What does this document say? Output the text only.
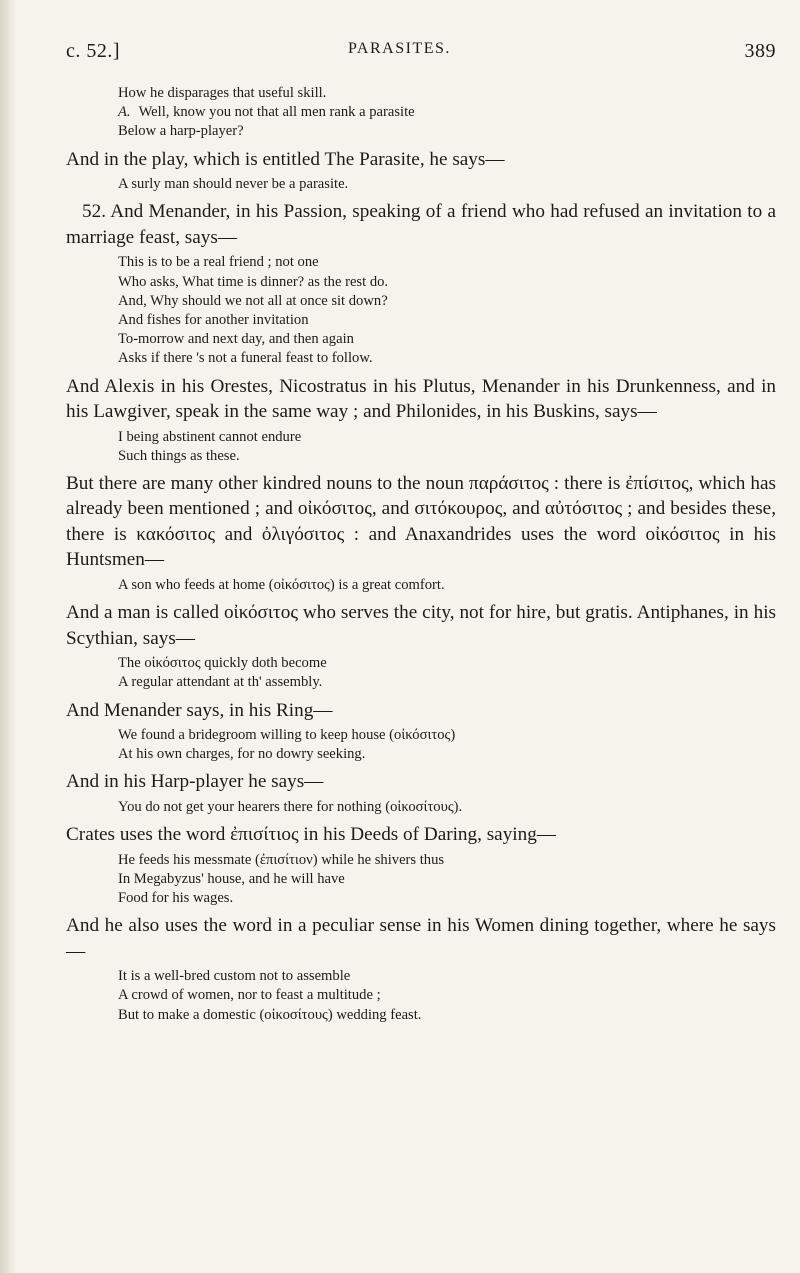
c. 52.]	PARASITES.	389
How he disparages that useful skill.
A. Well, know you not that all men rank a parasite
Below a harp-player?

And in the play, which is entitled The Parasite, he says—

A surly man should never be a parasite.

52. And Menander, in his Passion, speaking of a friend who had refused an invitation to a marriage feast, says—

This is to be a real friend ; not one
Who asks, What time is dinner? as the rest do.
And, Why should we not all at once sit down?
And fishes for another invitation
To-morrow and next day, and then again
Asks if there 's not a funeral feast to follow.

And Alexis in his Orestes, Nicostratus in his Plutus, Menander in his Drunkenness, and in his Lawgiver, speak in the same way ; and Philonides, in his Buskins, says—

I being abstinent cannot endure
Such things as these.

But there are many other kindred nouns to the noun παράσιτος : there is ἐπίσιτος, which has already been mentioned ; and οἰκόσιτος, and σιτόκουρος, and αὐτόσιτος ; and besides these, there is κακόσιτος and ὀλιγόσιτος : and Anaxandrides uses the word οἰκόσιτος in his Huntsmen—

A son who feeds at home (οἰκόσιτος) is a great comfort.

And a man is called οἰκόσιτος who serves the city, not for hire, but gratis. Antiphanes, in his Scythian, says—

The οἰκόσιτος quickly doth become
A regular attendant at th' assembly.

And Menander says, in his Ring—

We found a bridegroom willing to keep house (οἰκόσιτος)
At his own charges, for no dowry seeking.

And in his Harp-player he says—

You do not get your hearers there for nothing (οἰκοσίτους).

Crates uses the word ἐπισίτιος in his Deeds of Daring, saying—

He feeds his messmate (ἐπισίτιον) while he shivers thus
In Megabyzus' house, and he will have
Food for his wages.

And he also uses the word in a peculiar sense in his Women dining together, where he says—

It is a well-bred custom not to assemble
A crowd of women, nor to feast a multitude ;
But to make a domestic (οἰκοσίτους) wedding feast.
